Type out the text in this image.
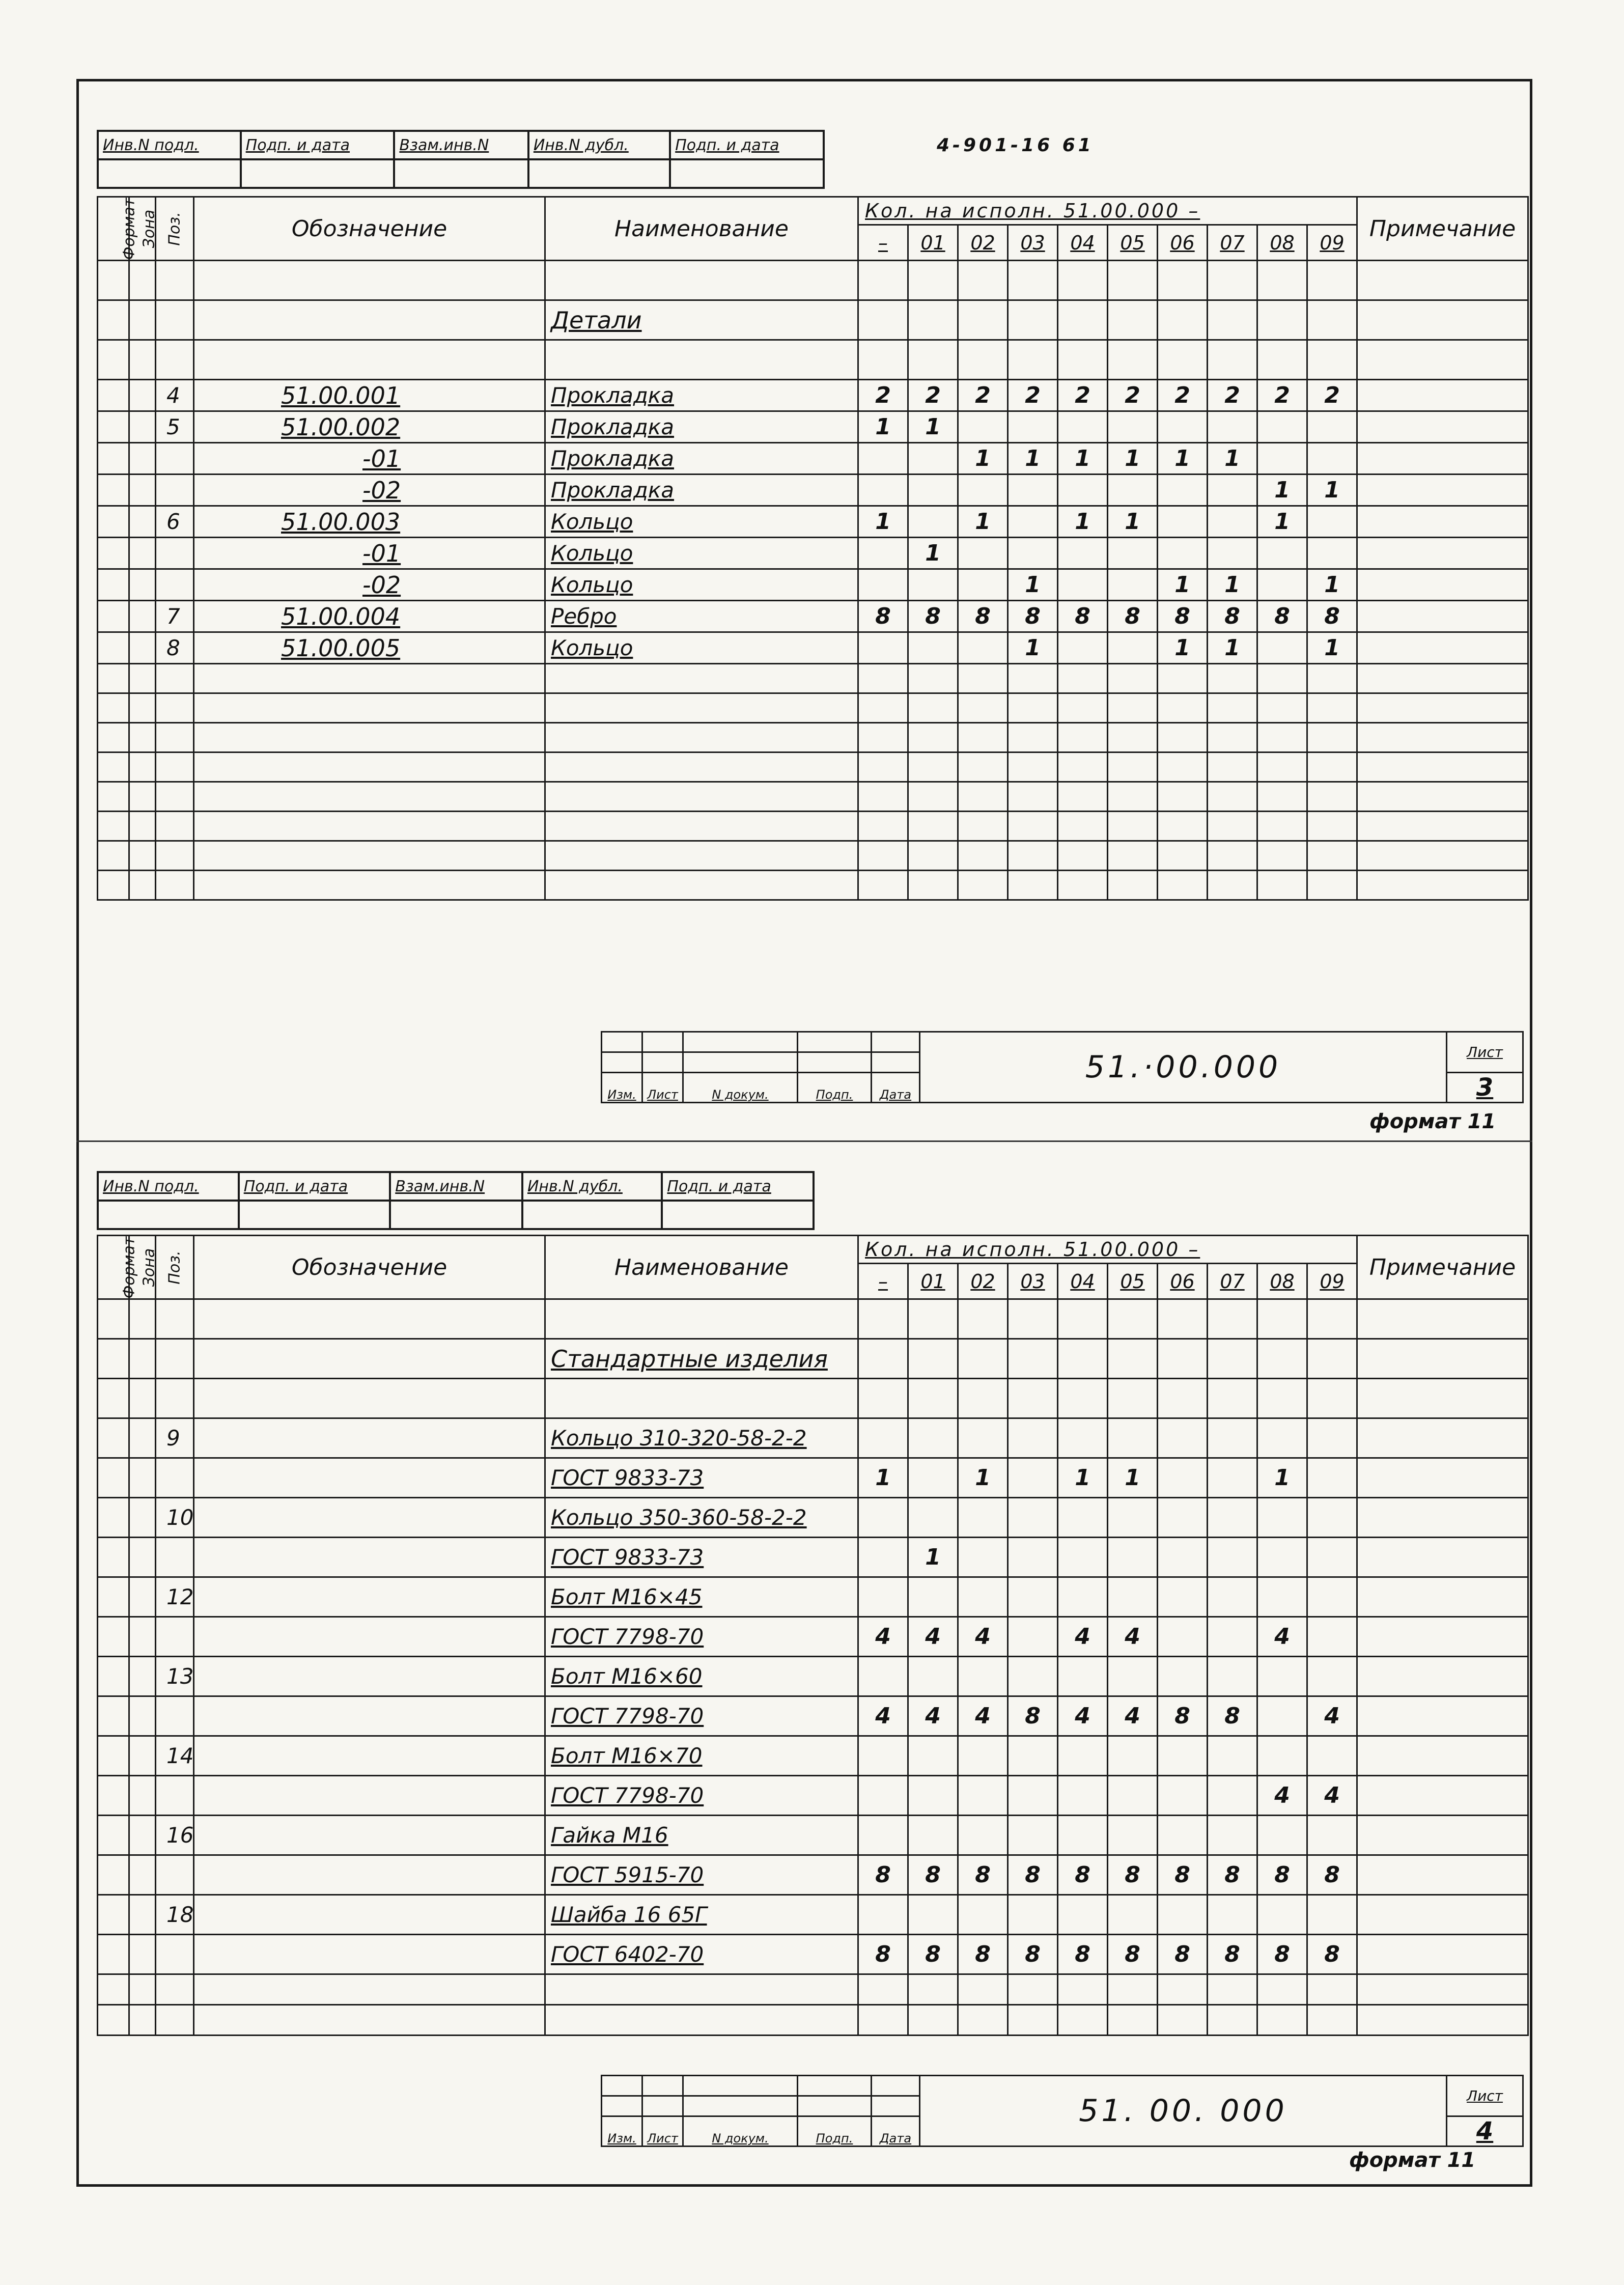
Инв.N подл.	Подп. и дата	Взам.инв.N	Инв.N дубл.	Подп. и дата
					4-901-16 61
Формат	Зона	Поз.	Обозначение	Наименование	Кол. на исполн. 51.00.000 –										Примечание
					–	01	02	03	04	05	06	07	08	09	

				Детали											

		4	51.00.001	Прокладка	2	2	2	2	2	2	2	2	2	2	
		5	51.00.002	Прокладка	1	1									
			-01	Прокладка			1	1	1	1	1	1			
			-02	Прокладка									1	1	
		6	51.00.003	Кольцо	1		1		1	1			1		
			-01	Кольцо		1									
			-02	Кольцо				1			1	1		1	
		7	51.00.004	Ребро	8	8	8	8	8	8	8	8	8	8	
		8	51.00.005	Кольцо				1			1	1		1	

					51.·00.000	Лист

Изм.	Лист	N докум.	Подп.	Дата		3
формат 11
Инв.N подл.	Подп. и дата	Взам.инв.N	Инв.N дубл.	Подп. и дата

Формат	Зона	Поз.	Обозначение	Наименование	Кол. на исполн. 51.00.000 –										Примечание
					–	01	02	03	04	05	06	07	08	09	

				Стандартные изделия											

		9		Кольцо 310-320-58-2-2											
				ГОСТ 9833-73	1		1		1	1			1		
		10		Кольцо 350-360-58-2-2											
				ГОСТ 9833-73		1									
		12		Болт М16×45											
				ГОСТ 7798-70	4	4	4		4	4			4		
		13		Болт М16×60											
				ГОСТ 7798-70	4	4	4	8	4	4	8	8		4	
		14		Болт М16×70											
				ГОСТ 7798-70									4	4	
		16		Гайка М16											
				ГОСТ 5915-70	8	8	8	8	8	8	8	8	8	8	
		18		Шайба 16 65Г											
				ГОСТ 6402-70	8	8	8	8	8	8	8	8	8	8	

					51. 00. 000	Лист

Изм.	Лист	N докум.	Подп.	Дата		4
формат 11
